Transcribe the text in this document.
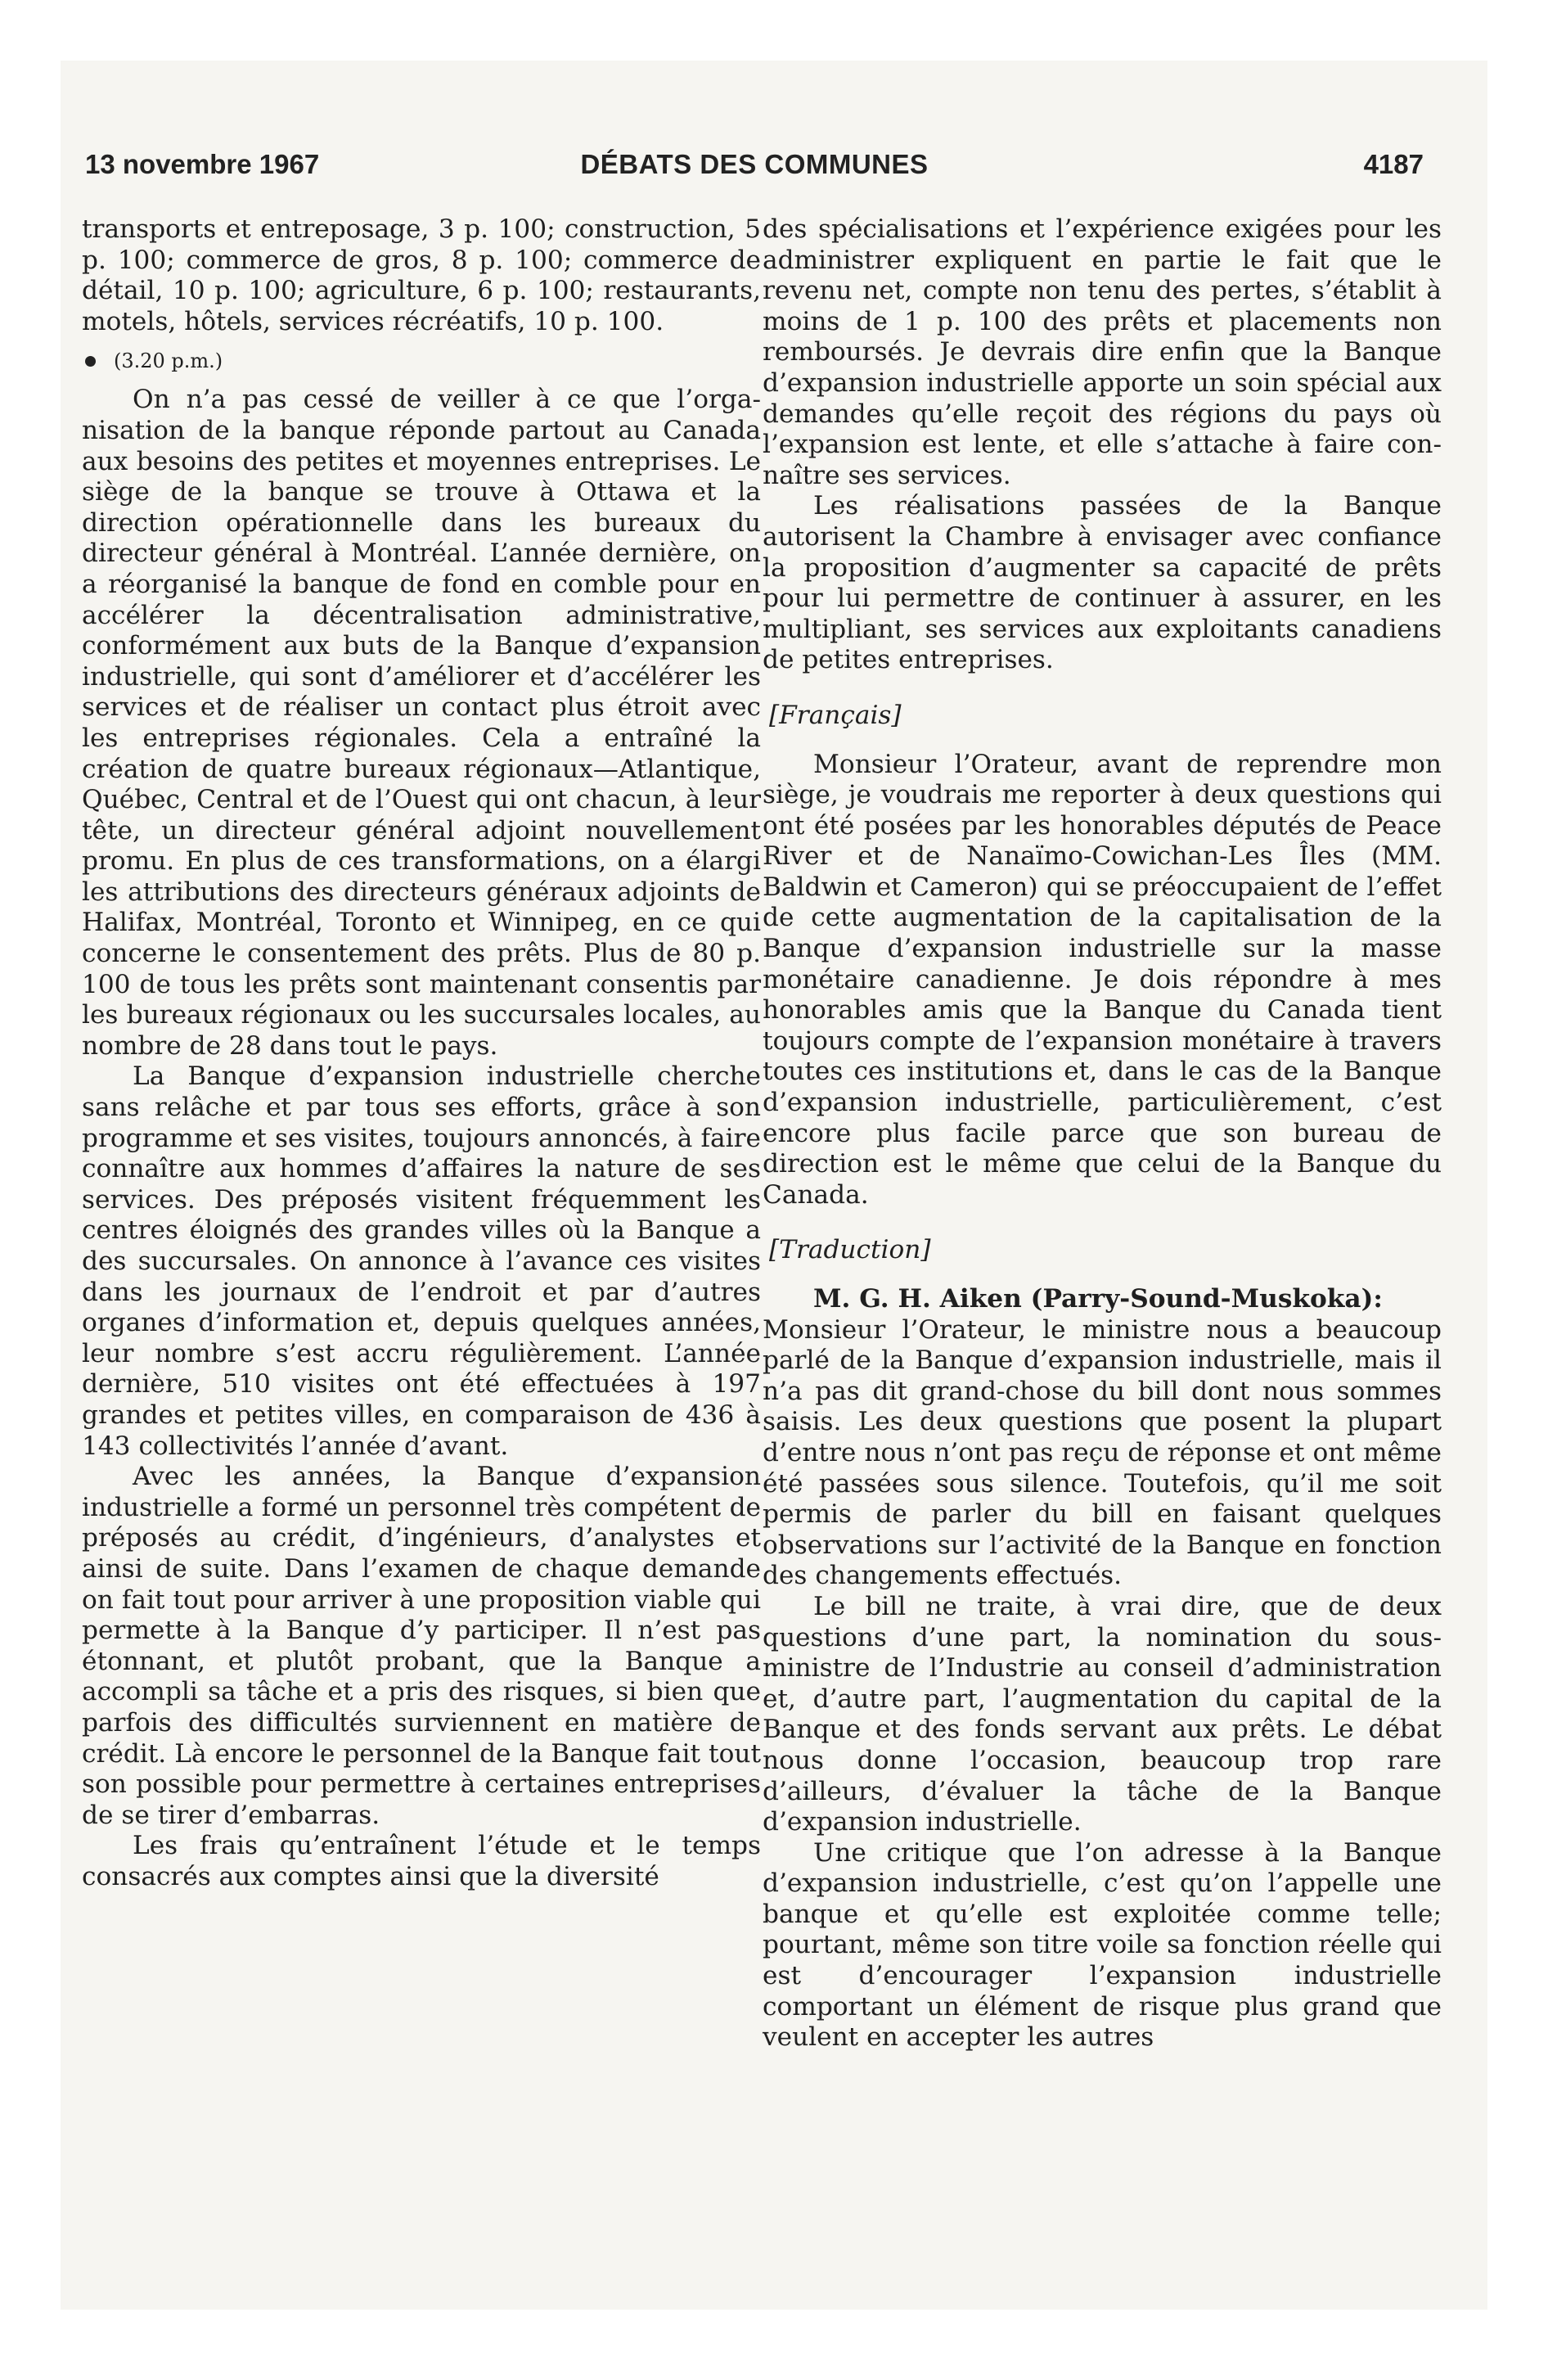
13 novembre 1967	DÉBATS DES COMMUNES	4187

transports et entreposage, 3 p. 100; construction, 5 p. 100; commerce de gros, 8 p. 100; commerce de détail, 10 p. 100; agriculture, 6 p. 100; restaurants, motels, hôtels, services récréatifs, 10 p. 100.

(3.20 p.m.)

On n’a pas cessé de veiller à ce que l’organisation de la banque réponde partout au Canada aux besoins des petites et moyennes entreprises. Le siège de la banque se trouve à Ottawa et la direction opérationnelle dans les bureaux du directeur général à Montréal. L’année dernière, on a réorganisé la banque de fond en comble pour en accélérer la décentralisation administrative, conformément aux buts de la Banque d’expansion industrielle, qui sont d’améliorer et d’accélérer les services et de réaliser un contact plus étroit avec les entreprises régionales. Cela a entraîné la création de quatre bureaux régionaux—Atlantique, Québec, Central et de l’Ouest qui ont chacun, à leur tête, un directeur général adjoint nouvellement promu. En plus de ces transformations, on a élargi les attributions des directeurs généraux adjoints de Halifax, Montréal, Toronto et Winnipeg, en ce qui concerne le consentement des prêts. Plus de 80 p. 100 de tous les prêts sont maintenant consentis par les bureaux régionaux ou les succursales locales, au nombre de 28 dans tout le pays.

La Banque d’expansion industrielle cherche sans relâche et par tous ses efforts, grâce à son programme et ses visites, toujours annoncés, à faire connaître aux hommes d’affaires la nature de ses services. Des préposés visitent fréquemment les centres éloignés des grandes villes où la Banque a des succursales. On annonce à l’avance ces visites dans les journaux de l’endroit et par d’autres organes d’information et, depuis quelques années, leur nombre s’est accru régulièrement. L’année dernière, 510 visites ont été effectuées à 197 grandes et petites villes, en comparaison de 436 à 143 collectivités l’année d’avant.

Avec les années, la Banque d’expansion industrielle a formé un personnel très compétent de préposés au crédit, d’ingénieurs, d’analystes et ainsi de suite. Dans l’examen de chaque demande on fait tout pour arriver à une proposition viable qui permette à la Banque d’y participer. Il n’est pas étonnant, et plutôt probant, que la Banque a accompli sa tâche et a pris des risques, si bien que parfois des difficultés surviennent en matière de crédit. Là encore le personnel de la Banque fait tout son possible pour permettre à certaines entreprises de se tirer d’embarras.

Les frais qu’entraînent l’étude et le temps consacrés aux comptes ainsi que la diversité

des spécialisations et l’expérience exigées pour les administrer expliquent en partie le fait que le revenu net, compte non tenu des pertes, s’établit à moins de 1 p. 100 des prêts et placements non remboursés. Je devrais dire enfin que la Banque d’expansion industrielle apporte un soin spécial aux demandes qu’elle reçoit des régions du pays où l’expansion est lente, et elle s’attache à faire connaître ses services.

Les réalisations passées de la Banque autorisent la Chambre à envisager avec confiance la proposition d’augmenter sa capacité de prêts pour lui permettre de continuer à assurer, en les multipliant, ses services aux exploitants canadiens de petites entreprises.

[Français]

Monsieur l’Orateur, avant de reprendre mon siège, je voudrais me reporter à deux questions qui ont été posées par les honorables députés de Peace River et de Nanaïmo-Cowichan-Les Îles (MM. Baldwin et Cameron) qui se préoccupaient de l’effet de cette augmentation de la capitalisation de la Banque d’expansion industrielle sur la masse monétaire canadienne. Je dois répondre à mes honorables amis que la Banque du Canada tient toujours compte de l’expansion monétaire à travers toutes ces institutions et, dans le cas de la Banque d’expansion industrielle, particulièrement, c’est encore plus facile parce que son bureau de direction est le même que celui de la Banque du Canada.

[Traduction]

M. G. H. Aiken (Parry-Sound-Muskoka):

Monsieur l’Orateur, le ministre nous a beaucoup parlé de la Banque d’expansion industrielle, mais il n’a pas dit grand-chose du bill dont nous sommes saisis. Les deux questions que posent la plupart d’entre nous n’ont pas reçu de réponse et ont même été passées sous silence. Toutefois, qu’il me soit permis de parler du bill en faisant quelques observations sur l’activité de la Banque en fonction des changements effectués.

Le bill ne traite, à vrai dire, que de deux questions d’une part, la nomination du sous-ministre de l’Industrie au conseil d’administration et, d’autre part, l’augmentation du capital de la Banque et des fonds servant aux prêts. Le débat nous donne l’occasion, beaucoup trop rare d’ailleurs, d’évaluer la tâche de la Banque d’expansion industrielle.

Une critique que l’on adresse à la Banque d’expansion industrielle, c’est qu’on l’appelle une banque et qu’elle est exploitée comme telle; pourtant, même son titre voile sa fonction réelle qui est d’encourager l’expansion industrielle comportant un élément de risque plus grand que veulent en accepter les autres
